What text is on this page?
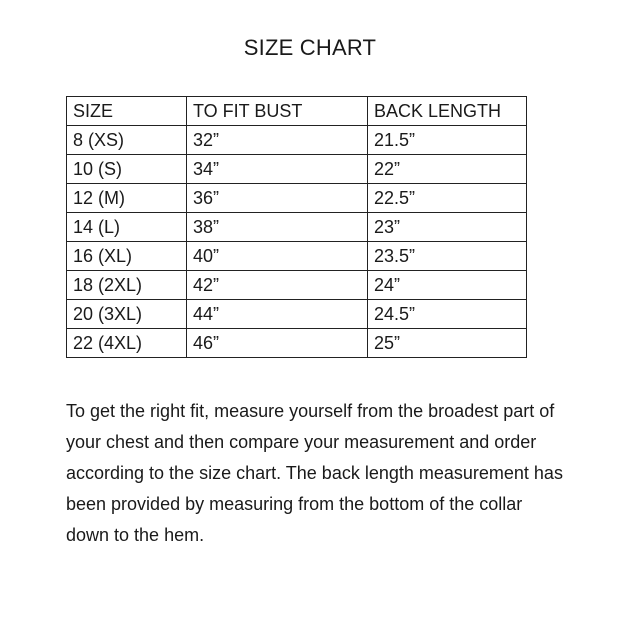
SIZE CHART
SIZE	TO FIT BUST	BACK LENGTH
8 (XS)	32”	21.5”
10 (S)	34”	22”
12 (M)	36”	22.5”
14 (L)	38”	23”
16 (XL)	40”	23.5”
18 (2XL)	42”	24”
20 (3XL)	44”	24.5”
22 (4XL)	46”	25”

To get the right fit, measure yourself from the broadest part of your chest and then compare your measurement and order according to the size chart. The back length measurement has been provided by measuring from the bottom of the collar down to the hem.
